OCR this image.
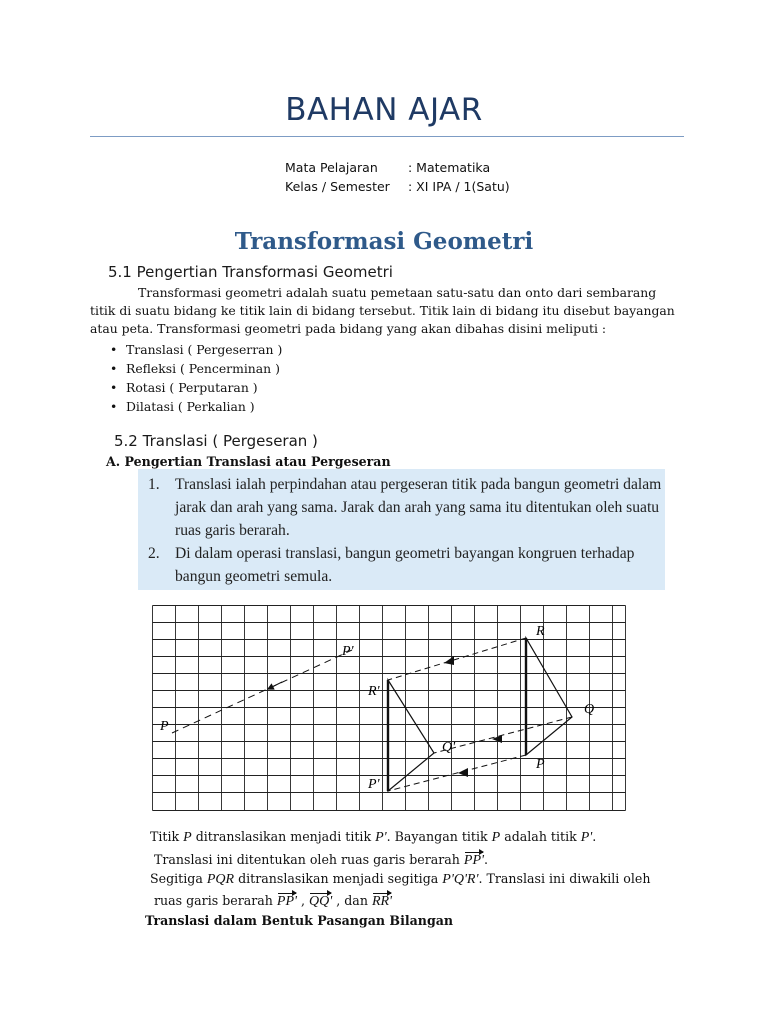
BAHAN AJAR
Mata Pelajaran : Matematika
Kelas / Semester : XI IPA / 1(Satu)
Transformasi Geometri
5.1 Pengertian Transformasi Geometri
Transformasi geometri adalah suatu pemetaan satu-satu dan onto dari sembarang
titik di suatu bidang ke titik lain di bidang tersebut. Titik lain di bidang itu disebut bayangan
atau peta. Transformasi geometri pada bidang yang akan dibahas disini meliputi :
• Translasi ( Pergeserran )
• Refleksi ( Pencerminan )
• Rotasi ( Perputaran )
• Dilatasi ( Perkalian )
5.2 Translasi ( Pergeseran )
A. Pengertian Translasi atau Pergeseran
1. Translasi ialah perpindahan atau pergeseran titik pada bangun geometri dalam
jarak dan arah yang sama. Jarak dan arah yang sama itu ditentukan oleh suatu
ruas garis berarah.
2. Di dalam operasi translasi, bangun geometri bayangan kongruen terhadap
bangun geometri semula.
P
P'
R
Q
P
R'
Q'
P'
Titik P ditranslasikan menjadi titik P'. Bayangan titik P adalah titik P'.
Translasi ini ditentukan oleh ruas garis berarah PP'.
Segitiga PQR ditranslasikan menjadi segitiga P'Q'R'. Translasi ini diwakili oleh
ruas garis berarah PP' , QQ' , dan RR'
Translasi dalam Bentuk Pasangan Bilangan
